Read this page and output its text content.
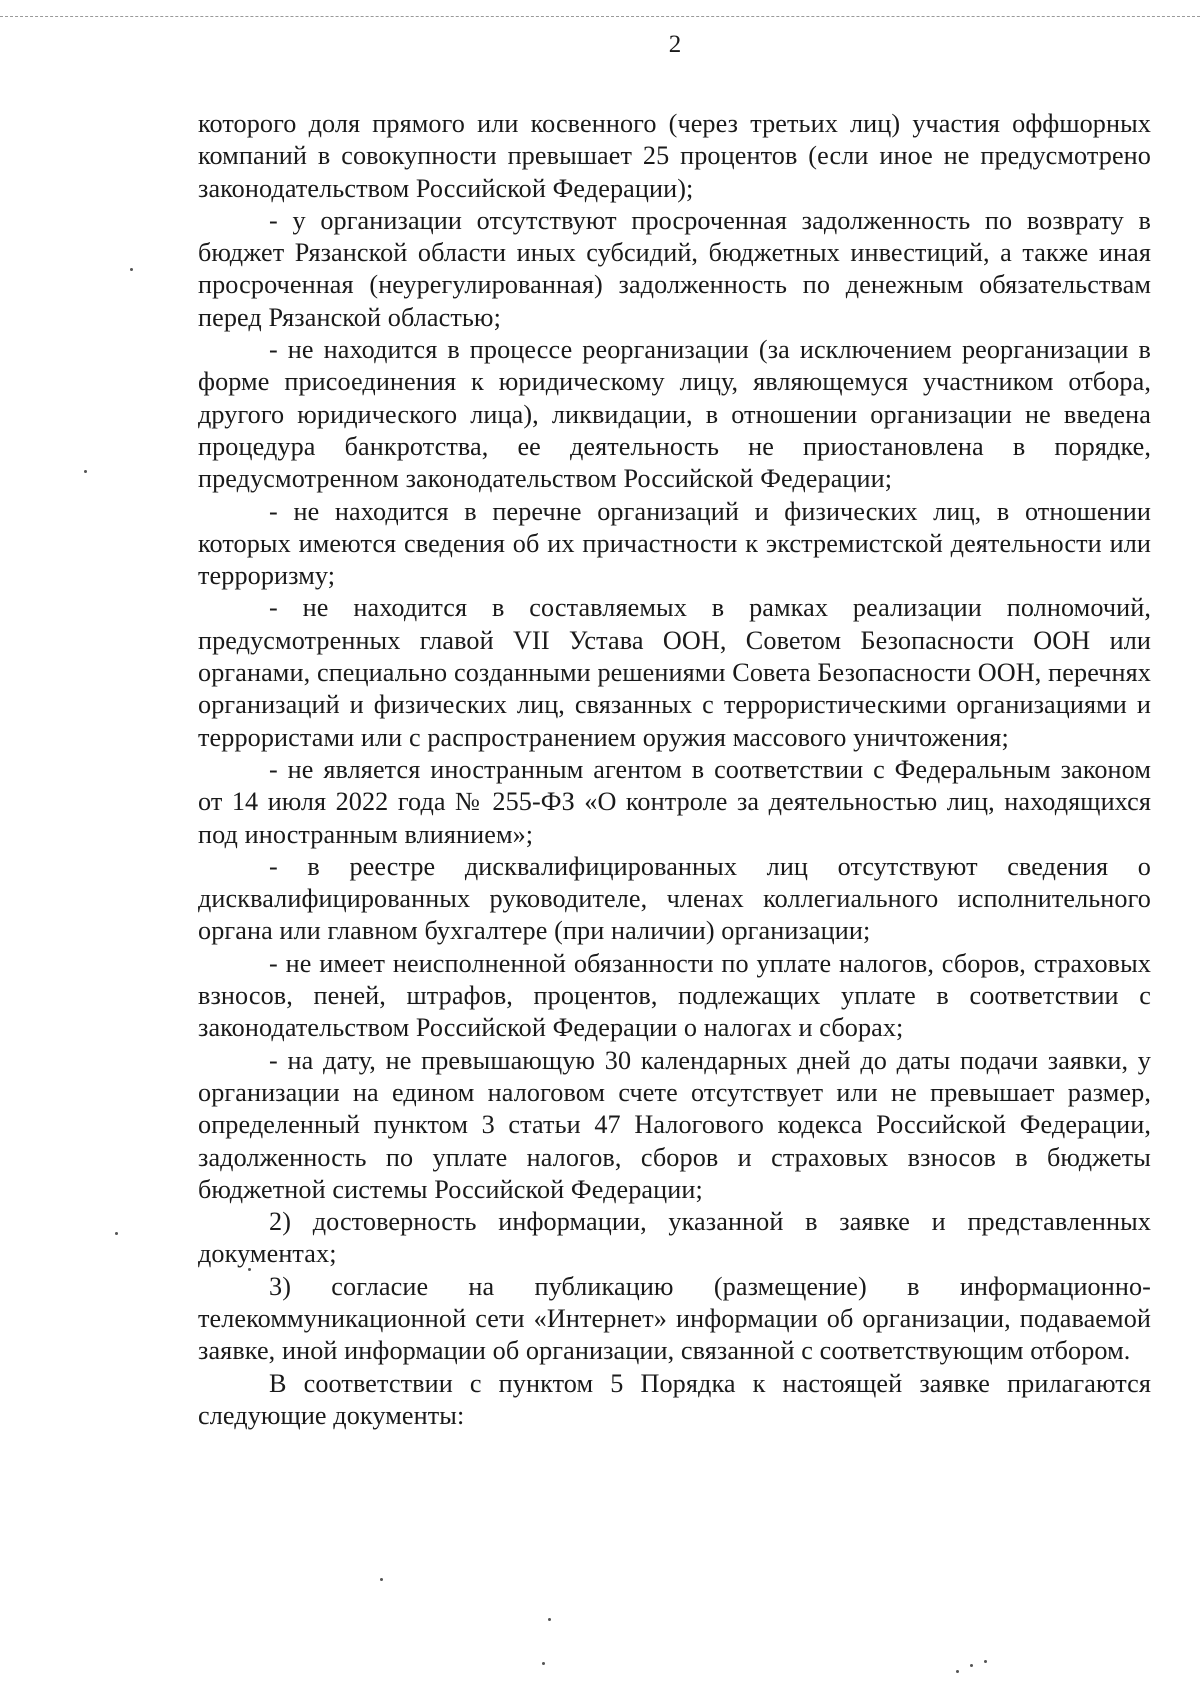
2

которого доля прямого или косвенного (через третьих лиц) участия оффшорных компаний в совокупности превышает 25 процентов (если иное не предусмотрено законодательством Российской Федерации);

- у организации отсутствуют просроченная задолженность по возврату в бюджет Рязанской области иных субсидий, бюджетных инвестиций, а также иная просроченная (неурегулированная) задолженность по денежным обязательствам перед Рязанской областью;

- не находится в процессе реорганизации (за исключением реорганизации в форме присоединения к юридическому лицу, являющемуся участником отбора, другого юридического лица), ликвидации, в отношении организации не введена процедура банкротства, ее деятельность не приостановлена в порядке, предусмотренном законодательством Российской Федерации;

- не находится в перечне организаций и физических лиц, в отношении которых имеются сведения об их причастности к экстремистской деятельности или терроризму;

- не находится в составляемых в рамках реализации полномочий, предусмотренных главой VII Устава ООН, Советом Безопасности ООН или органами, специально созданными решениями Совета Безопасности ООН, перечнях организаций и физических лиц, связанных с террористическими организациями и террористами или с распространением оружия массового уничтожения;

- не является иностранным агентом в соответствии с Федеральным законом от 14 июля 2022 года № 255-ФЗ «О контроле за деятельностью лиц, находящихся под иностранным влиянием»;

- в реестре дисквалифицированных лиц отсутствуют сведения о дисквалифицированных руководителе, членах коллегиального исполнительного органа или главном бухгалтере (при наличии) организации;

- не имеет неисполненной обязанности по уплате налогов, сборов, страховых взносов, пеней, штрафов, процентов, подлежащих уплате в соответствии с законодательством Российской Федерации о налогах и сборах;

- на дату, не превышающую 30 календарных дней до даты подачи заявки, у организации на едином налоговом счете отсутствует или не превышает размер, определенный пунктом 3 статьи 47 Налогового кодекса Российской Федерации, задолженность по уплате налогов, сборов и страховых взносов в бюджеты бюджетной системы Российской Федерации;

2) достоверность информации, указанной в заявке и представленных документах;

3) согласие на публикацию (размещение) в информационно-телекоммуникационной сети «Интернет» информации об организации, подаваемой заявке, иной информации об организации, связанной с соответствующим отбором.

В соответствии с пунктом 5 Порядка к настоящей заявке прилагаются следующие документы:
